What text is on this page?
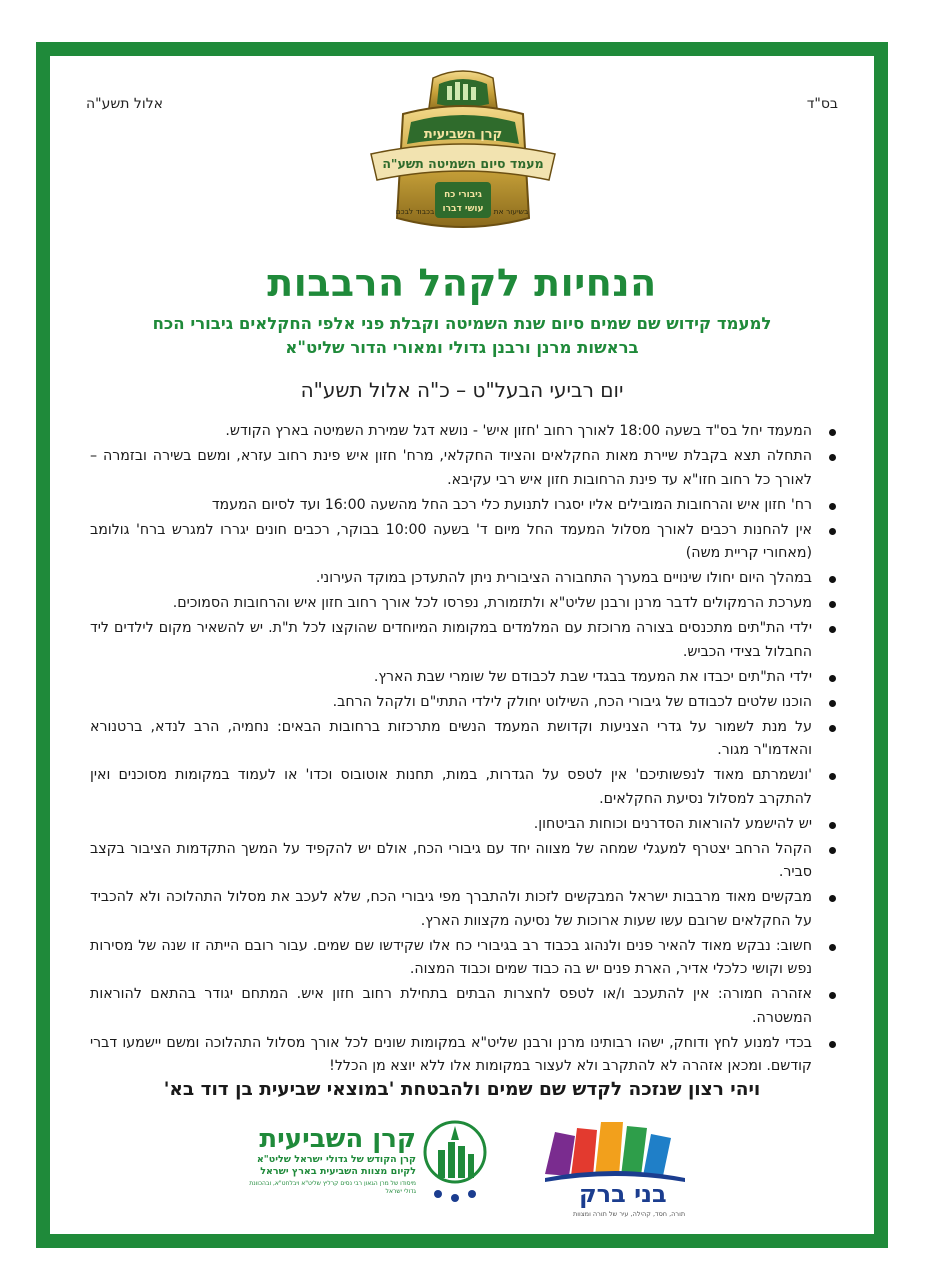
בס"ד
אלול תשע"ה
קרן השביעית
מעמד סיום השמיטה תשע"ה
גיבורי כח
עושי דברו
בכבוד לבכם	בשיעור את
הנחיות לקהל הרבבות
למעמד קידוש שם שמים סיום שנת השמיטה וקבלת פני אלפי החקלאים גיבורי הכח
בראשות מרנן ורבנן גדולי ומאורי הדור שליט"א
יום רביעי הבעל"ט – כ"ה אלול תשע"ה
המעמד יחל בס"ד בשעה 18:00 לאורך רחוב 'חזון איש' - נושא דגל שמירת השמיטה בארץ הקודש.
התחלה תצא בקבלת שיירת מאות החקלאים והציוד החקלאי, מרח' חזון איש פינת רחוב עזרא, ומשם בשירה ובזמרה – לאורך כל רחוב חזו"א עד פינת הרחובות חזון איש רבי עקיבא.
רח' חזון איש והרחובות המובילים אליו יסגרו לתנועת כלי רכב החל מהשעה 16:00 ועד לסיום המעמד
אין להחנות רכבים לאורך מסלול המעמד החל מיום ד' בשעה 10:00 בבוקר, רכבים חונים יגררו למגרש ברח' גולומב (מאחורי קריית משה)
במהלך היום יחולו שינויים במערך התחבורה הציבורית ניתן להתעדכן במוקד העירוני.
מערכת הרמקולים לדבר מרנן ורבנן שליט"א ולתזמורת, נפרסו לכל אורך רחוב חזון איש והרחובות הסמוכים.
ילדי הת"תים מתכנסים בצורה מרוכזת עם המלמדים במקומות המיוחדים שהוקצו לכל ת"ת. יש להשאיר מקום לילדים ליד החבלול בצידי הכביש.
ילדי הת"תים יכבדו את המעמד בבגדי שבת לכבודם של שומרי שבת הארץ.
הוכנו שלטים לכבודם של גיבורי הכח, השילוט יחולק לילדי התתי"ם ולקהל הרחב.
על מנת לשמור על גדרי הצניעות וקדושת המעמד הנשים מתרכזות ברחובות הבאים: נחמיה, הרב לנדא, ברטנורא והאדמו"ר מגור.
'ונשמרתם מאוד לנפשותיכם' אין לטפס על הגדרות, במות, תחנות אוטובוס וכדו' או לעמוד במקומות מסוכנים ואין להתקרב למסלול נסיעת החקלאים.
יש להישמע להוראות הסדרנים וכוחות הביטחון.
הקהל הרחב יצטרף למעגלי שמחה של מצווה יחד עם גיבורי הכח, אולם יש להקפיד על המשך התקדמות הציבור בקצב סביר.
מבקשים מאוד מרבבות ישראל המבקשים לזכות ולהתברך מפי גיבורי הכח, שלא לעכב את מסלול התהלוכה ולא להכביד על החקלאים שרובם עשו שעות ארוכות של נסיעה מקצוות הארץ.
חשוב: נבקש מאוד להאיר פנים ולנהוג בכבוד רב בגיבורי כח אלו שקידשו שם שמים. עבור רובם הייתה זו שנה של מסירות נפש וקושי כלכלי אדיר, הארת פנים יש בה כבוד שמים וכבוד המצוה.
אזהרה חמורה: אין להתעכב ו/או לטפס לחצרות הבתים בתחילת רחוב חזון איש. המתחם יגודר בהתאם להוראות המשטרה.
בכדי למנוע לחץ ודוחק, ישהו רבותינו מרנן ורבנן שליט"א במקומות שונים לכל אורך מסלול התהלוכה ומשם יישמעו דברי קודשם. ומכאן אזהרה לא להתקרב ולא לעצור במקומות אלו ללא יוצא מן הכלל!
ויהי רצון שנזכה לקדש שם שמים ולהבטחת 'במוצאי שביעית בן דוד בא'
קרן השביעית
קרן הקודש של גדולי ישראל שליט"א
לקיום מצוות השביעית בארץ ישראל
מיסודו של מרן הגאון רבי נסים קרליץ שליט"א ויבלחט"א, ובהכוונת גדולי ישראל	בני ברק
תורה, חסד, קהילה, עיר של תורה ומצוות
